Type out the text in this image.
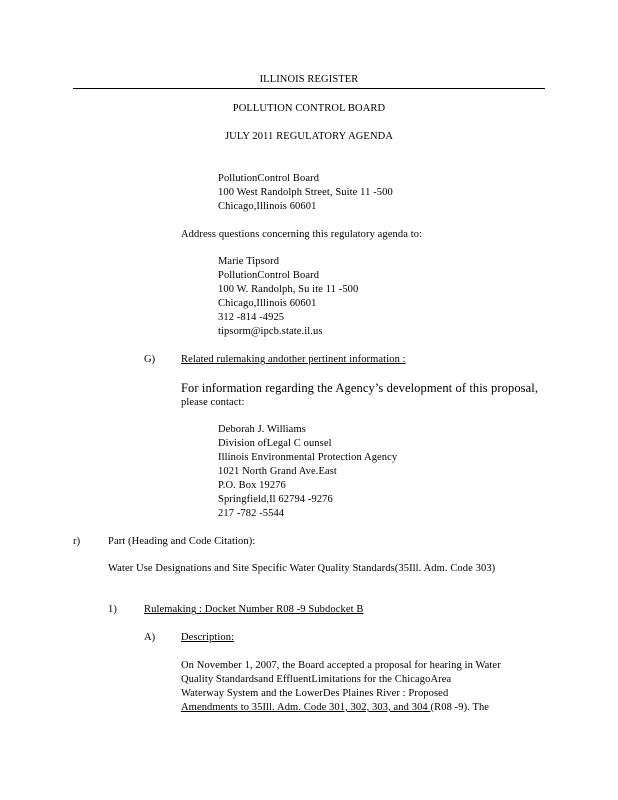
ILLINOIS REGISTER
POLLUTION CONTROL BOARD
JULY 2011 REGULATORY AGENDA
PollutionControl Board
100 West Randolph Street, Suite 11 -500
Chicago,Illinois 60601
Address questions concerning this regulatory agenda to:
Marie Tipsord
PollutionControl Board
100 W. Randolph, Su ite 11 -500
Chicago,Illinois 60601
312 -814 -4925
tipsorm@ipcb.state.il.us
G) Related rulemaking andother pertinent information :
For information regarding the Agency’s development of this proposal,
please contact:
Deborah J. Williams
Division ofLegal C ounsel
Illinois Environmental Protection Agency
1021 North Grand Ave.East
P.O. Box 19276
Springfield,Il 62794 -9276
217 -782 -5544
r)	Part (Heading and Code Citation):
Water Use Designations and Site Specific Water Quality Standards(35Ill. Adm. Code 303)
1)	Rulemaking : Docket Number R08 -9 Subdocket B
A) Description:
On November 1, 2007, the Board accepted a proposal for hearing in Water
Quality Standardsand EffluentLimitations for the ChicagoArea
Waterway System and the LowerDes Plaines River : Proposed
Amendments to 35Ill. Adm. Code 301, 302, 303, and 304 (R08 -9). The
